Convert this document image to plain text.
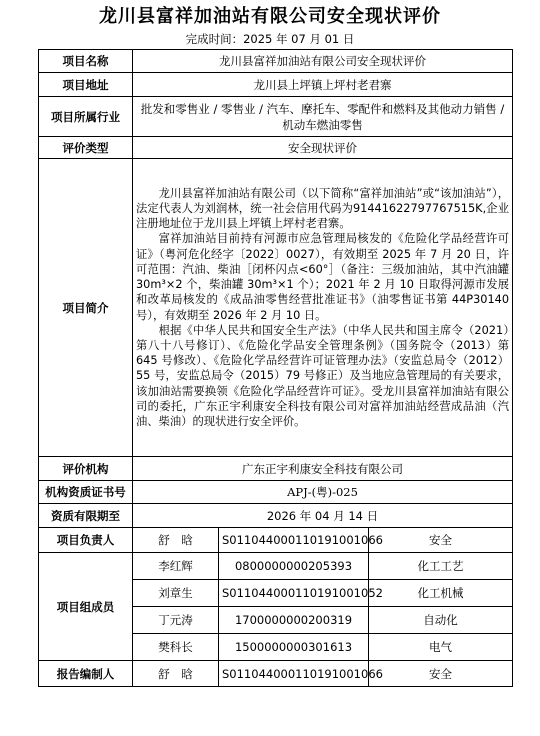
龙川县富祥加油站有限公司安全现状评价
完成时间：2025 年 07 月 01 日
项目名称	龙川县富祥加油站有限公司安全现状评价		
项目地址	龙川县上坪镇上坪村老君寨		
项目所属行业	批发和零售业 / 零售业 / 汽车、摩托车、零配件和燃料及其他动力销售 / 机动车燃油零售		
评价类型	安全现状评价		
项目简介	龙川县富祥加油站有限公司（以下简称“富祥加油站”或“该加油站”），法定代表人为刘润林，统一社会信用代码为91441622797767515K,企业注册地址位于龙川县上坪镇上坪村老君寨。

富祥加油站目前持有河源市应急管理局核发的《危险化学品经营许可证》（粤河危化经字〔2022〕0027），有效期至 2025 年 7 月 20 日，许可范围：汽油、柴油［闭杯闪点<60°］（备注：三级加油站，其中汽油罐 30m³×2 个，柴油罐 30m³×1 个）；2021 年 2 月 10 日取得河源市发展和改革局核发的《成品油零售经营批准证书》（油零售证书第 44P30140 号），有效期至 2026 年 2 月 10 日。

根据《中华人民共和国安全生产法》（中华人民共和国主席令（2021）第八十八号修订）、《危险化学品安全管理条例》（国务院令（2013）第 645 号修改）、《危险化学品经营许可证管理办法》（安监总局令（2012）55 号，安监总局令（2015）79 号修正）及当地应急管理局的有关要求，该加油站需要换领《危险化学品经营许可证》。受龙川县富祥加油站有限公司的委托，广东正宇利康安全科技有限公司对富祥加油站经营成品油（汽油、柴油）的现状进行安全评价。		

评价机构	广东正宇利康安全科技有限公司		
机构资质证书号	APJ-(粤)-025		
资质有限期至	2026 年 04 月 14 日		
项目负责人	舒　晗	S011044000110191001066	安全
项目组成员	李红辉	0800000000205393	化工工艺
	刘章生	S011044000110191001052	化工机械
	丁元涛	1700000000200319	自动化
	樊科长	1500000000301613	电气
报告编制人	舒　晗	S011044000110191001066	安全
